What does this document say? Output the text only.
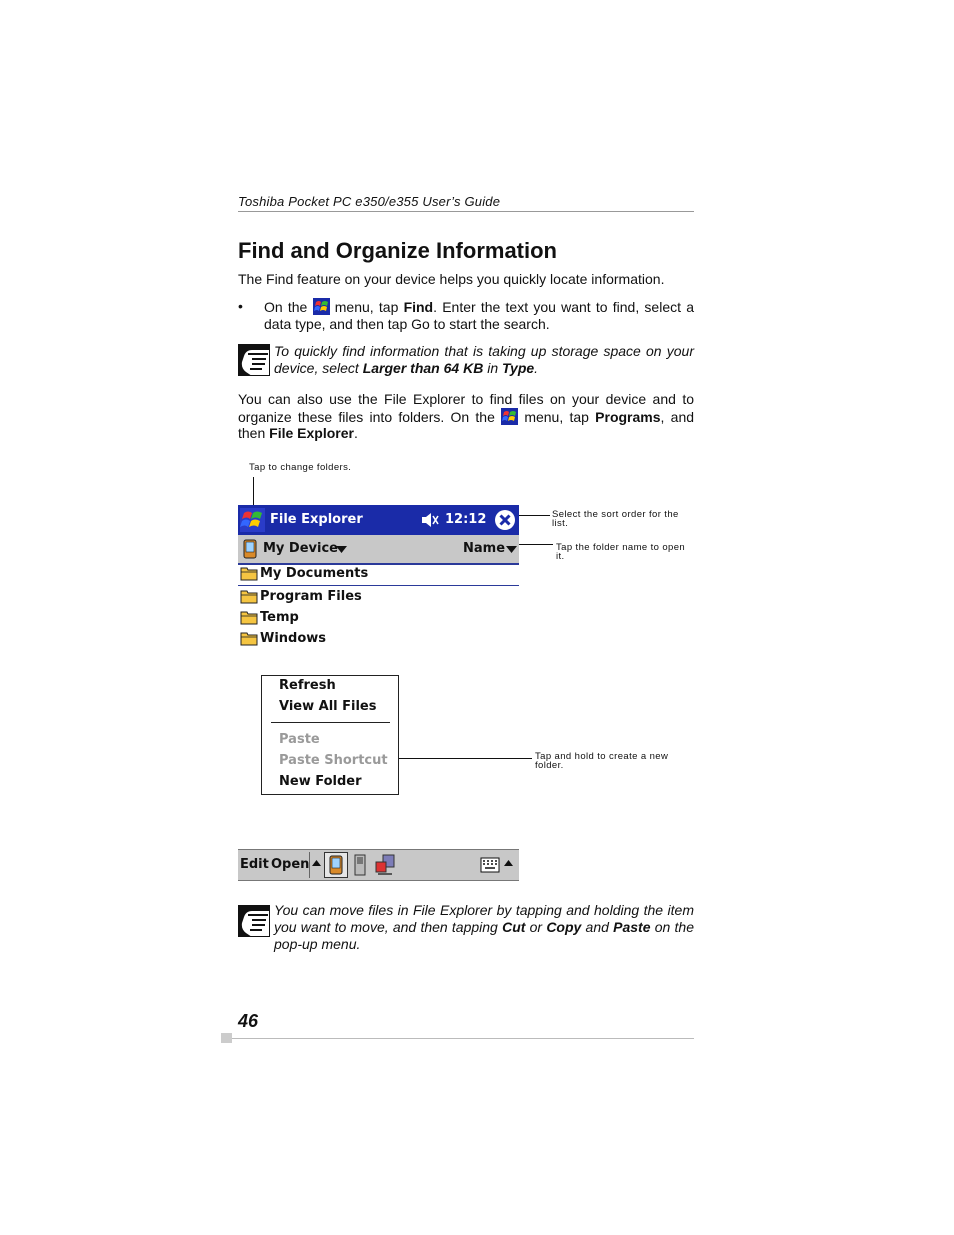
Toshiba Pocket PC e350/e355 User’s Guide
Find and Organize Information
The Find feature on your device helps you quickly locate information.
• On the  menu, tap Find. Enter the text you want to find, select a data type, and then tap Go to start the search.
To quickly find information that is taking up storage space on your device, select Larger than 64 KB in Type.
You can also use the File Explorer to find files on your device and to organize these files into folders. On the  menu, tap Programs, and then File Explorer.
Tap to change folders.
Select the sort order for the list.
Tap the folder name to open it.
Tap and hold to create a new folder.
File Explorer	12:12
My Device	Name
My Documents
Program Files
Temp
Windows
Refresh
View All Files
Paste
Paste Shortcut
New Folder
Edit Open
You can move files in File Explorer by tapping and holding the item you want to move, and then tapping Cut or Copy and Paste on the pop-up menu.
46
